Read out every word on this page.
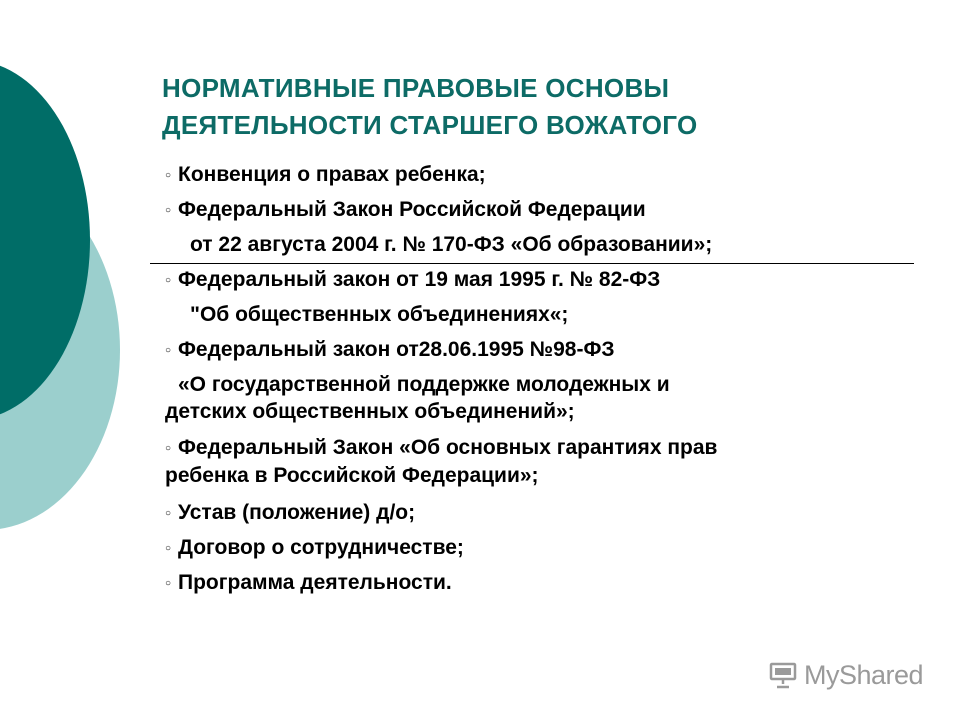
НОРМАТИВНЫЕ ПРАВОВЫЕ ОСНОВЫ
ДЕЯТЕЛЬНОСТИ СТАРШЕГО ВОЖАТОГО
○ Конвенция о правах ребенка;
○ Федеральный Закон Российской Федерации
от 22 августа 2004 г. № 170-ФЗ «Об образовании»;
○ Федеральный закон от 19 мая 1995 г. № 82-ФЗ
"Об общественных объединениях«;
○ Федеральный закон от28.06.1995 №98-ФЗ
«О государственной поддержке молодежных и
детских общественных объединений»;
○ Федеральный Закон «Об основных гарантиях прав
ребенка в Российской Федерации»;
○ Устав (положение) д/о;
○ Договор о сотрудничестве;
○ Программа деятельности.
MyShared
